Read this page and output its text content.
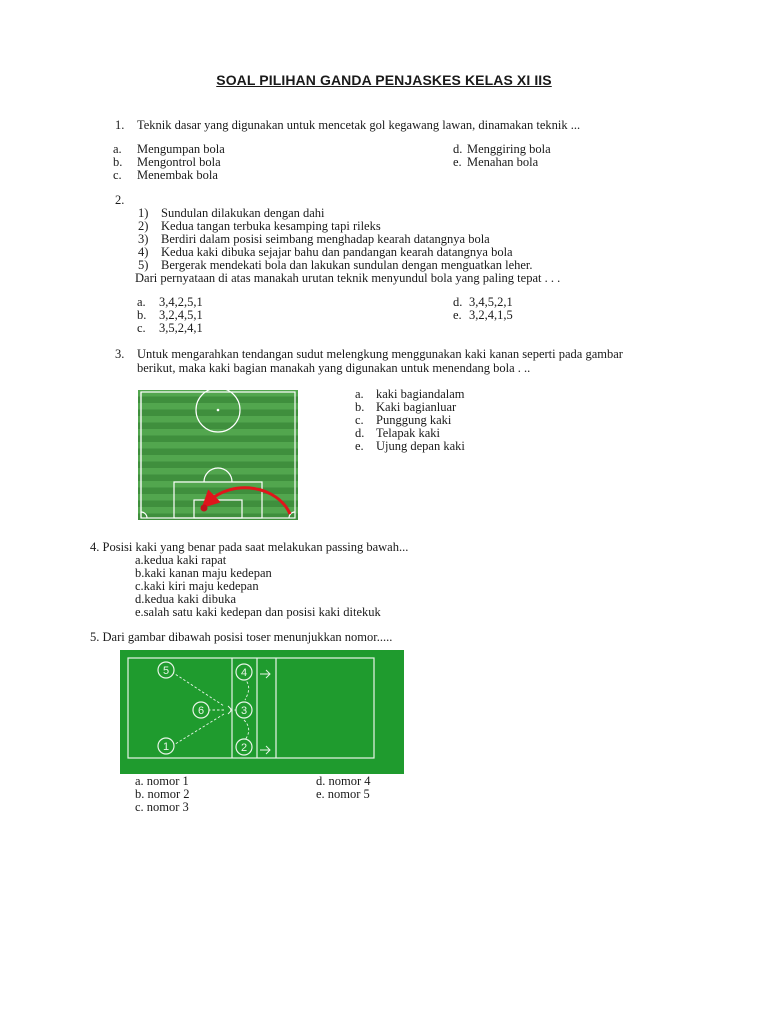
SOAL PILIHAN GANDA PENJASKES KELAS XI IIS
1. Teknik dasar yang digunakan untuk mencetak gol kegawang lawan, dinamakan teknik ...
a. Mengumpan bola
b. Mengontrol bola
c. Menembak bola
d. Menggiring bola
e. Menahan bola
2.
1) Sundulan dilakukan dengan dahi
2) Kedua tangan terbuka kesamping tapi rileks
3) Berdiri dalam posisi seimbang menghadap kearah datangnya bola
4) Kedua kaki dibuka sejajar bahu dan pandangan kearah datangnya bola
5) Bergerak mendekati bola dan lakukan sundulan dengan menguatkan leher.
Dari pernyataan di atas manakah urutan teknik menyundul bola yang paling tepat . . .
a. 3,4,2,5,1
b. 3,2,4,5,1
c. 3,5,2,4,1
d. 3,4,5,2,1
e. 3,2,4,1,5
3. Untuk mengarahkan tendangan sudut melengkung menggunakan kaki kanan seperti pada gambar
berikut, maka kaki bagian manakah yang digunakan untuk menendang bola . ..
a. kaki bagiandalam
b. Kaki bagianluar
c. Punggung kaki
d. Telapak kaki
e. Ujung depan kaki
4. Posisi kaki yang benar pada saat melakukan passing bawah...
a.kedua kaki rapat
b.kaki kanan maju kedepan
c.kaki kiri maju kedepan
d.kedua kaki dibuka
e.salah satu kaki kedepan dan posisi kaki ditekuk
5. Dari gambar dibawah posisi toser menunjukkan nomor.....
5
6
1
4
3
2
a. nomor 1
b. nomor 2
c. nomor 3
d. nomor 4
e. nomor 5
